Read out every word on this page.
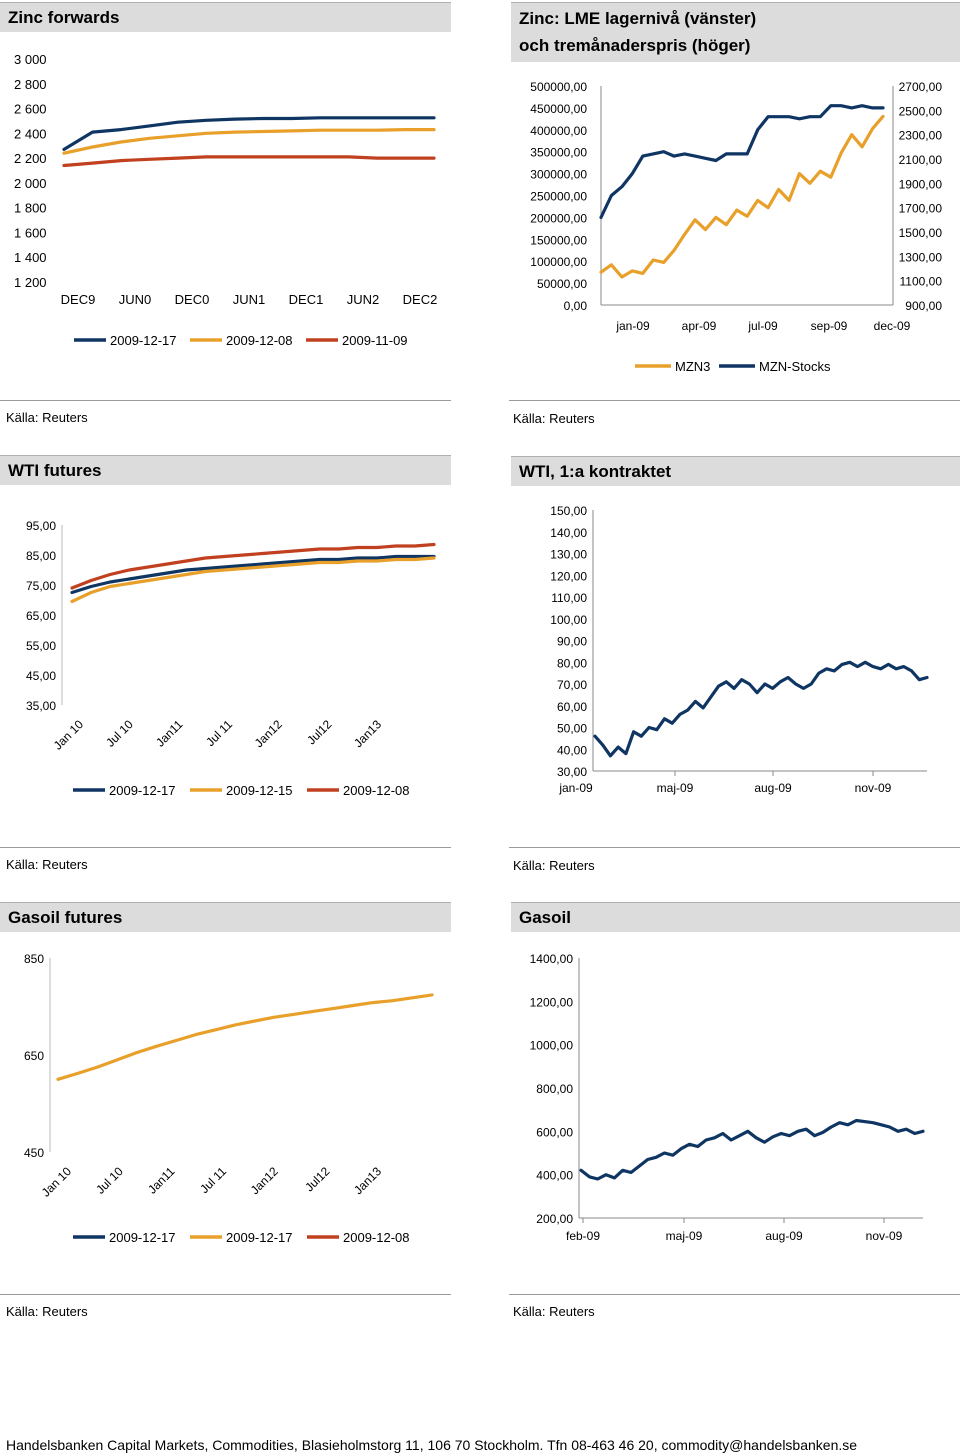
Zinc forwards
3 000
2 800
2 600
2 400
2 200
2 000
1 800
1 600
1 400
1 200
DEC9 JUN0 DEC0 JUN1 DEC1 JUN2 DEC2
2009-12-17	2009-12-08	2009-11-09
Källa: Reuters
Zinc: LME lagernivå (vänster)
och tremånaderspris (höger)
500000,00
450000,00
400000,00
350000,00
300000,00
250000,00
200000,00
150000,00
100000,00
50000,00
0,00
2700,00
2500,00
2300,00
2100,00
1900,00
1700,00
1500,00
1300,00
1100,00
900,00
jan-09	apr-09	jul-09	sep-09 dec-09
MZN3	MZN-Stocks
Källa: Reuters
WTI futures
95,00
85,00
75,00
65,00
55,00
45,00
35,00
Jan 10 Jul 10 Jan11 Jul 11 Jan12 Jul12 Jan13
2009-12-17	2009-12-15	2009-12-08
Källa: Reuters
WTI, 1:a kontraktet
150,00
140,00
130,00
120,00
110,00
100,00
90,00
80,00
70,00
60,00
50,00
40,00
30,00
jan-09	maj-09	aug-09	nov-09
Källa: Reuters
Gasoil futures
850
650
450
Jan 10 Jul 10 Jan11 Jul 11 Jan12 Jul12 Jan13
2009-12-17	2009-12-17	2009-12-08
Källa: Reuters
Gasoil
1400,00
1200,00
1000,00
800,00
600,00
400,00
200,00
feb-09	maj-09	aug-09	nov-09
Källa: Reuters
Handelsbanken Capital Markets, Commodities, Blasieholmstorg 11, 106 70 Stockholm. Tfn 08-463 46 20, commodity@handelsbanken.se
